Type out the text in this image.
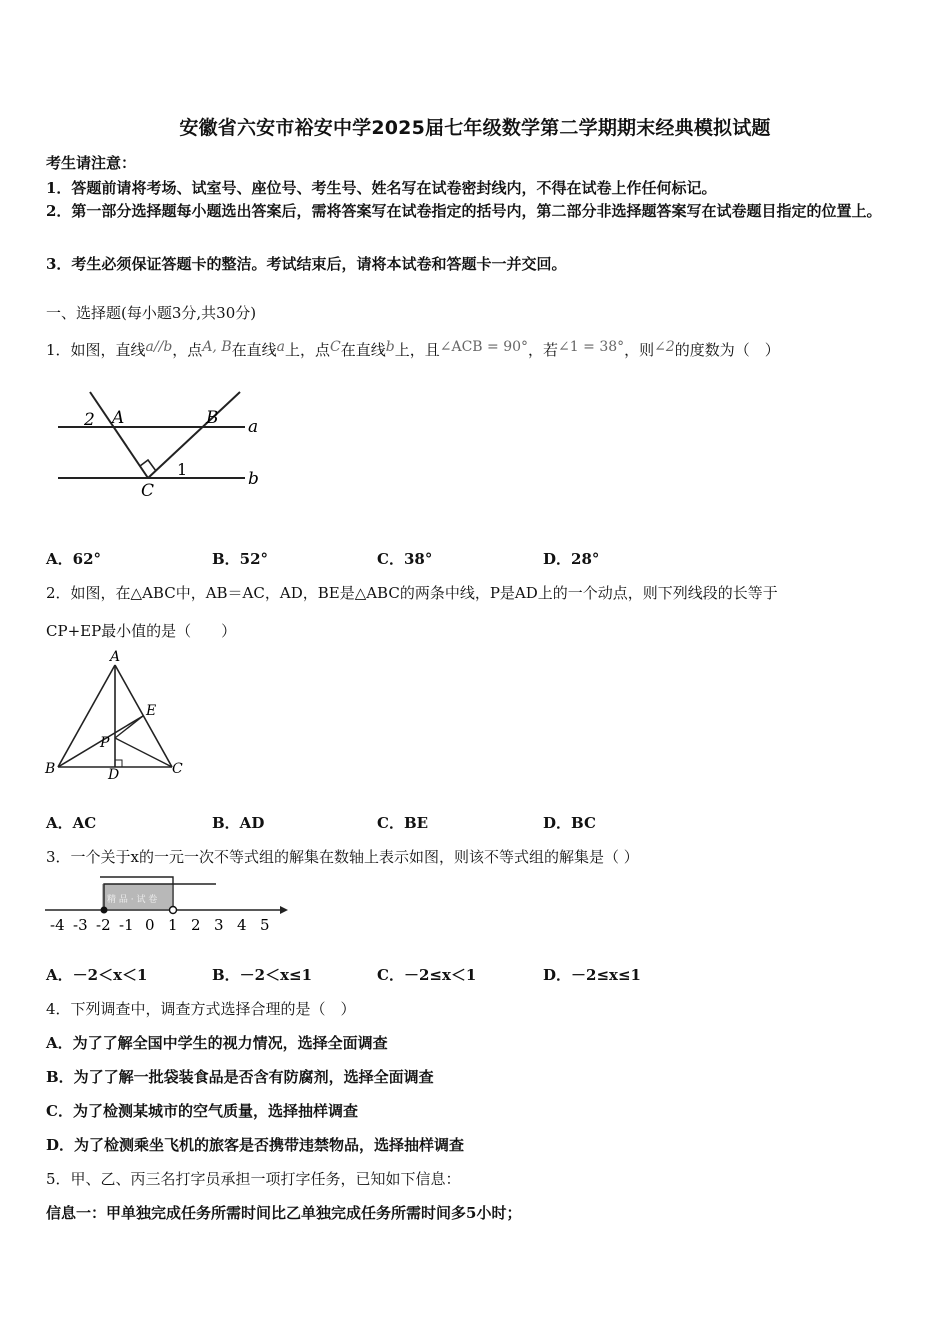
安徽省六安市裕安中学2025届七年级数学第二学期期末经典模拟试题
考生请注意：
1．答题前请将考场、试室号、座位号、考生号、姓名写在试卷密封线内，不得在试卷上作任何标记。
2．第一部分选择题每小题选出答案后，需将答案写在试卷指定的括号内，第二部分非选择题答案写在试卷题目指定的位置上。
3．考生必须保证答题卡的整洁。考试结束后，请将本试卷和答题卡一并交回。
一、选择题(每小题3分,共30分)
1．如图，直线a//b，点A, B在直线a上，点C在直线b上，且∠ACB = 90°，若∠1 = 38°，则∠2的度数为（　）
2 A	B a
1
C
b
A．62°	B．52°	C．38°	D．28°
2．如图，在△ABC中，AB＝AC，AD，BE是△ABC的两条中线，P是AD上的一个动点，则下列线段的长等于
CP+EP最小值的是（　　）
A
E
P
B	D	C
A．AC	B．AD	C．BE	D．BC
3．一个关于x的一元一次不等式组的解集在数轴上表示如图，则该不等式组的解集是（ ）
精 品 · 试 卷
-4 -3 -2 -1 0 1 2 3 4 5
A．－2＜x＜1	B．－2＜x≤1	C．－2≤x＜1	D．－2≤x≤1
4．下列调查中，调查方式选择合理的是（　）
A．为了了解全国中学生的视力情况，选择全面调查
B．为了了解一批袋装食品是否含有防腐剂，选择全面调查
C．为了检测某城市的空气质量，选择抽样调查
D．为了检测乘坐飞机的旅客是否携带违禁物品，选择抽样调查
5．甲、乙、丙三名打字员承担一项打字任务，已知如下信息：
信息一：甲单独完成任务所需时间比乙单独完成任务所需时间多5小时；
